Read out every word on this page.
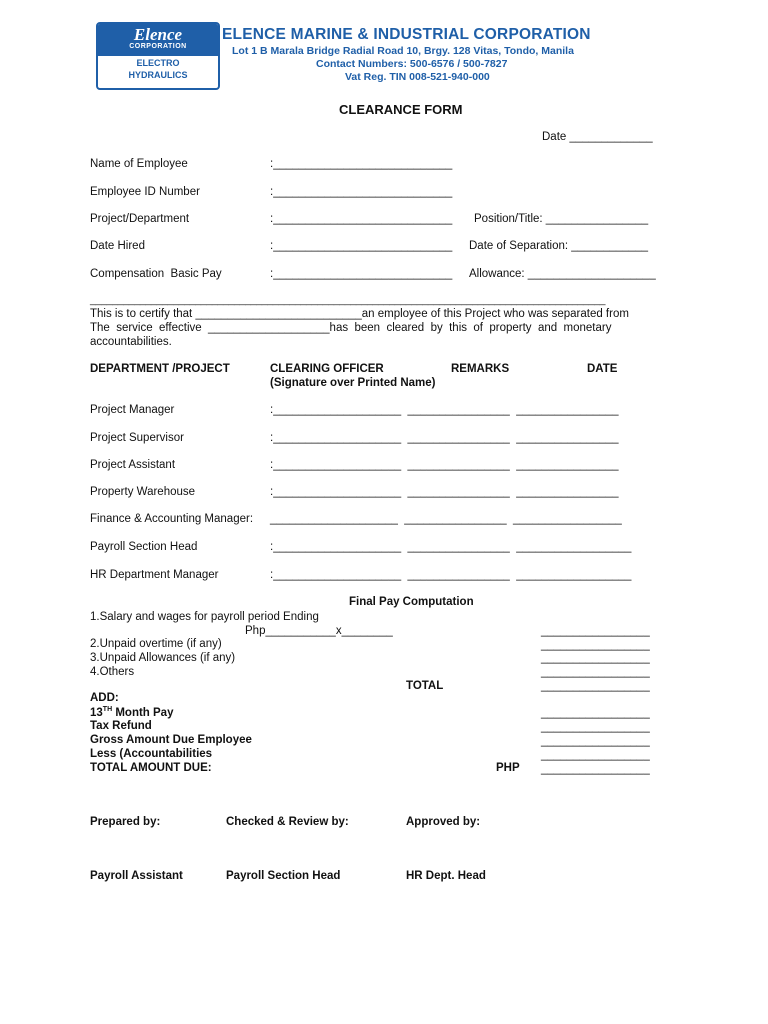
Elence
CORPORATION
ELECTRO
HYDRAULICS
ELENCE MARINE & INDUSTRIAL CORPORATION
Lot 1 B Marala Bridge Radial Road 10, Brgy. 128 Vitas, Tondo, Manila
Contact Numbers: 500-6576 / 500-7827
Vat Reg. TIN 008-521-940-000
CLEARANCE FORM
Date _____________
Name of Employee	:____________________________
Employee ID Number	:____________________________
Project/Department	:____________________________ Position/Title: ________________
Date Hired	:____________________________ Date of Separation: ____________
Compensation  Basic Pay	:____________________________ Allowance: ____________________
_____________________________________________________________________________________________
This is to certify that __________________________an employee of this Project who was separated from
The  service  effective  ___________________has  been  cleared  by  this  of  property  and  monetary
accountabilities.
DEPARTMENT /PROJECT	CLEARING OFFICER
(Signature over Printed Name)
REMARKS	DATE
Project Manager	:____________________  ________________  ________________
Project Supervisor	:____________________  ________________  ________________
Project Assistant	:____________________  ________________  ________________
Property Warehouse	:____________________  ________________  ________________
Finance & Accounting Manager: ____________________  ________________  _________________
Payroll Section Head	:____________________  ________________  __________________
HR Department Manager	:____________________  ________________  __________________
Final Pay Computation
1.Salary and wages for payroll period Ending
Php___________x________	_________________
2.Unpaid overtime (if any)	_________________
3.Unpaid Allowances (if any)	_________________
4.Others	_________________
TOTAL	_________________
ADD:
13TH Month Pay	_________________
Tax Refund	_________________
Gross Amount Due Employee	_________________
Less (Accountabilities	_________________
TOTAL AMOUNT DUE:	PHP _________________
Prepared by:	Checked & Review by:	Approved by:
Payroll Assistant	Payroll Section Head	HR Dept. Head
